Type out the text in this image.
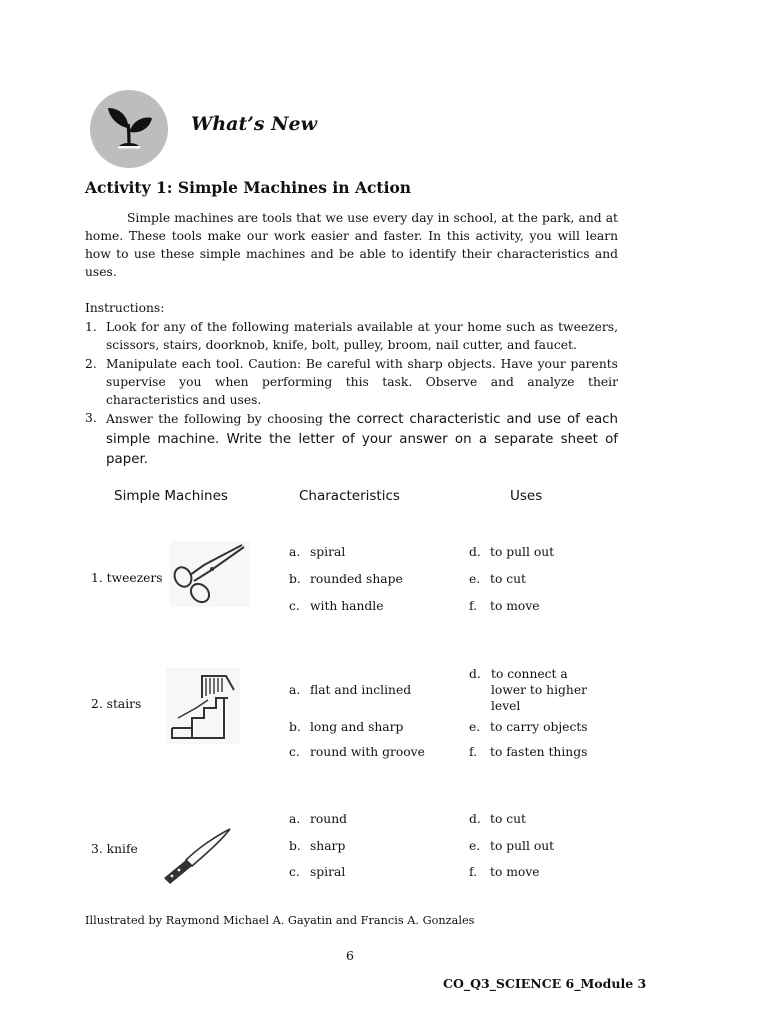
What’s New
Activity 1: Simple Machines in Action
Simple machines are tools that we use every day in school, at the park, and at home. These tools make our work easier and faster. In this activity, you will learn how to use these simple machines and be able to identify their characteristics and uses.
Instructions:
1. Look for any of the following materials available at your home such as tweezers, scissors, stairs, doorknob, knife, bolt, pulley, broom, nail cutter, and faucet.
2. Manipulate each tool. Caution: Be careful with sharp objects. Have your parents supervise you when performing this task. Observe and analyze their characteristics and uses.
3. Answer the following by choosing the correct characteristic and use of each simple machine. Write the letter of your answer on a separate sheet of paper.
Simple Machines	Characteristics	Uses
1. tweezers
a. spiral
b. rounded shape
c. with handle
d. to pull out
e. to cut
f. to move
2. stairs
a. flat and inclined
b. long and sharp
c. round with groove
d. to connect a lower to higher level
e. to carry objects
f. to fasten things
3. knife
a. round
b. sharp
c. spiral
d. to cut
e. to pull out
f. to move
Illustrated by Raymond Michael A. Gayatin and Francis A. Gonzales
6
CO_Q3_SCIENCE 6_Module 3
